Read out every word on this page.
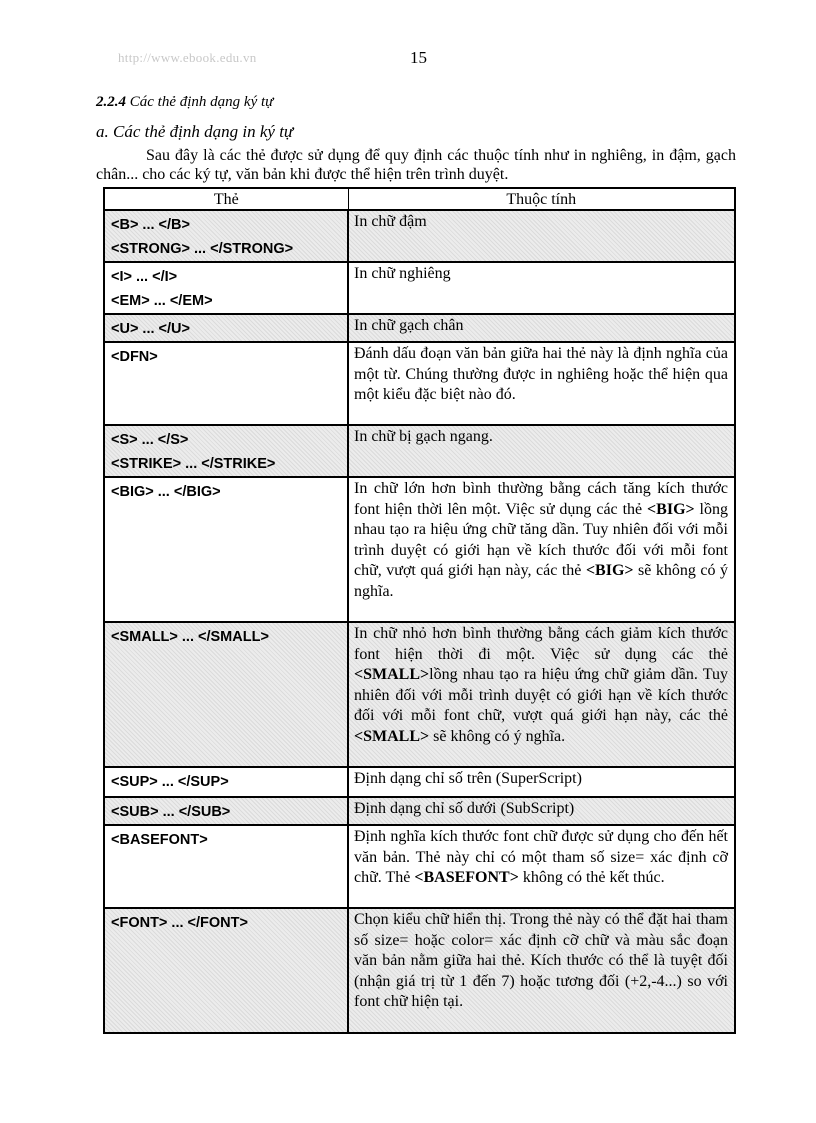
http://www.ebook.edu.vn	15
2.2.4 Các thẻ định dạng ký tự
a. Các thẻ định dạng in ký tự
Sau đây là các thẻ được sử dụng để quy định các thuộc tính như in nghiêng, in đậm, gạch chân... cho các ký tự, văn bản khi được thể hiện trên trình duyệt.
Thẻ	Thuộc tính

<B> ... </B>
<STRONG> ... </STRONG>	In chữ đậm

<I> ... </I>
<EM> ... </EM>	In chữ nghiêng

<U> ... </U>	In chữ gạch chân

<DFN>	Đánh dấu đoạn văn bản giữa hai thẻ này là định nghĩa của một từ. Chúng thường được in nghiêng hoặc thể hiện qua một kiểu đặc biệt nào đó.

<S> ... </S>
<STRIKE> ... </STRIKE>	In chữ bị gạch ngang.

<BIG> ... </BIG>	In chữ lớn hơn bình thường bằng cách tăng kích thước font hiện thời lên một. Việc sử dụng các thẻ <BIG> lồng nhau tạo ra hiệu ứng chữ tăng dần. Tuy nhiên đối với mỗi trình duyệt có giới hạn về kích thước đối với mỗi font chữ, vượt quá giới hạn này, các thẻ <BIG> sẽ không có ý nghĩa.

<SMALL> ... </SMALL>	In chữ nhỏ hơn bình thường bằng cách giảm kích thước font hiện thời đi một. Việc sử dụng các thẻ <SMALL>lồng nhau tạo ra hiệu ứng chữ giảm dần. Tuy nhiên đối với mỗi trình duyệt có giới hạn về kích thước đối với mỗi font chữ, vượt quá giới hạn này, các thẻ <SMALL> sẽ không có ý nghĩa.

<SUP> ... </SUP>	Định dạng chỉ số trên (SuperScript)

<SUB> ... </SUB>	Định dạng chỉ số dưới (SubScript)

<BASEFONT>	Định nghĩa kích thước font chữ được sử dụng cho đến hết văn bản. Thẻ này chỉ có một tham số size= xác định cỡ chữ. Thẻ <BASEFONT> không có thẻ kết thúc.

<FONT> ... </FONT>	Chọn kiểu chữ hiển thị. Trong thẻ này có thể đặt hai tham số size= hoặc color= xác định cỡ chữ và màu sắc đoạn văn bản nằm giữa hai thẻ. Kích thước có thể là tuyệt đối (nhận giá trị từ 1 đến 7) hoặc tương đối (+2,-4...) so với font chữ hiện tại.
